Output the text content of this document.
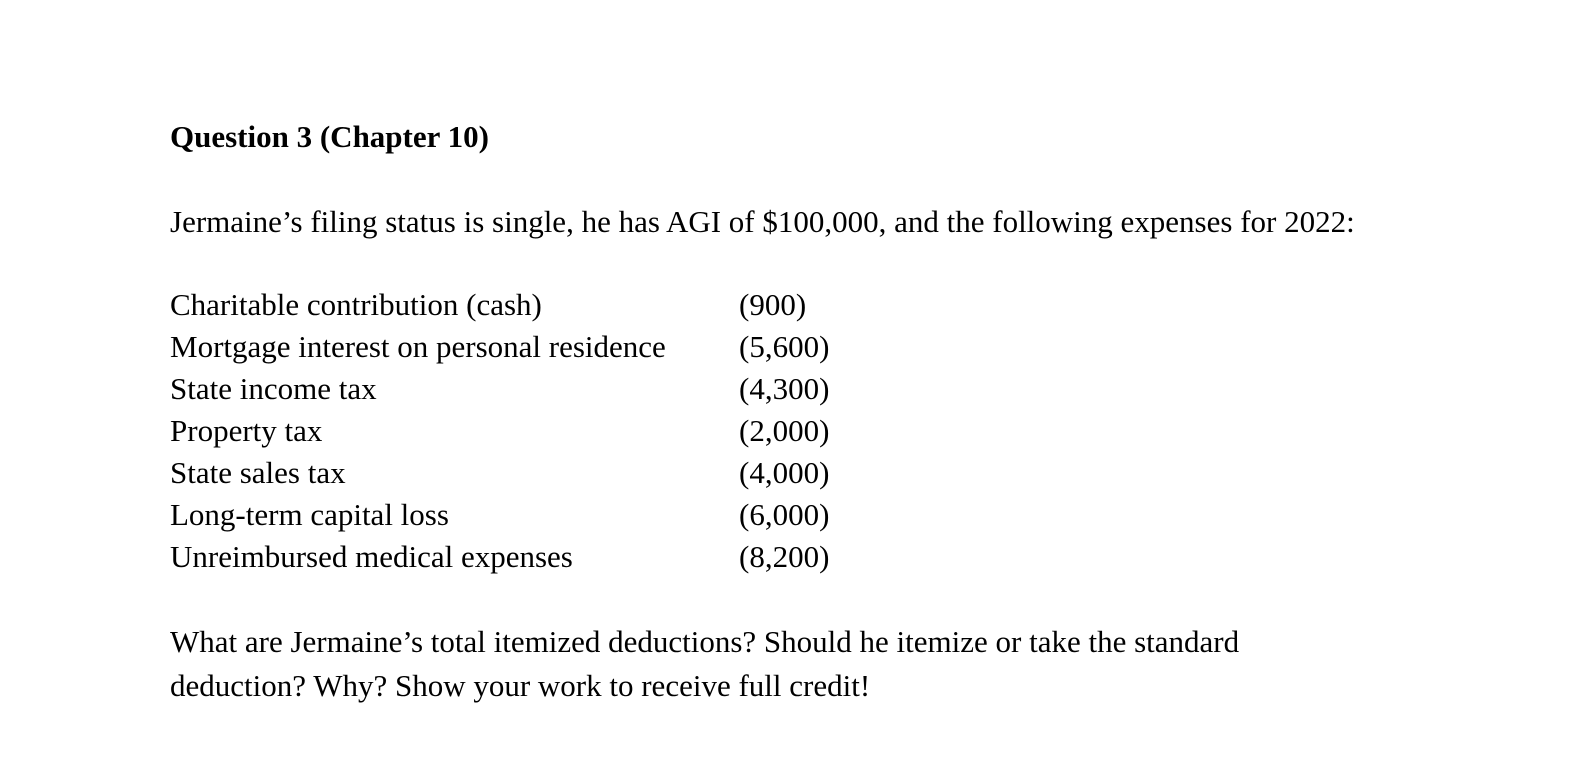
Question 3 (Chapter 10)
Jermaine’s filing status is single, he has AGI of $100,000, and the following expenses for 2022:
Charitable contribution (cash)	(900)
Mortgage interest on personal residence (5,600)
State income tax	(4,300)
Property tax	(2,000)
State sales tax	(4,000)
Long-term capital loss	(6,000)
Unreimbursed medical expenses	(8,200)
What are Jermaine’s total itemized deductions? Should he itemize or take the standard
deduction? Why? Show your work to receive full credit!
